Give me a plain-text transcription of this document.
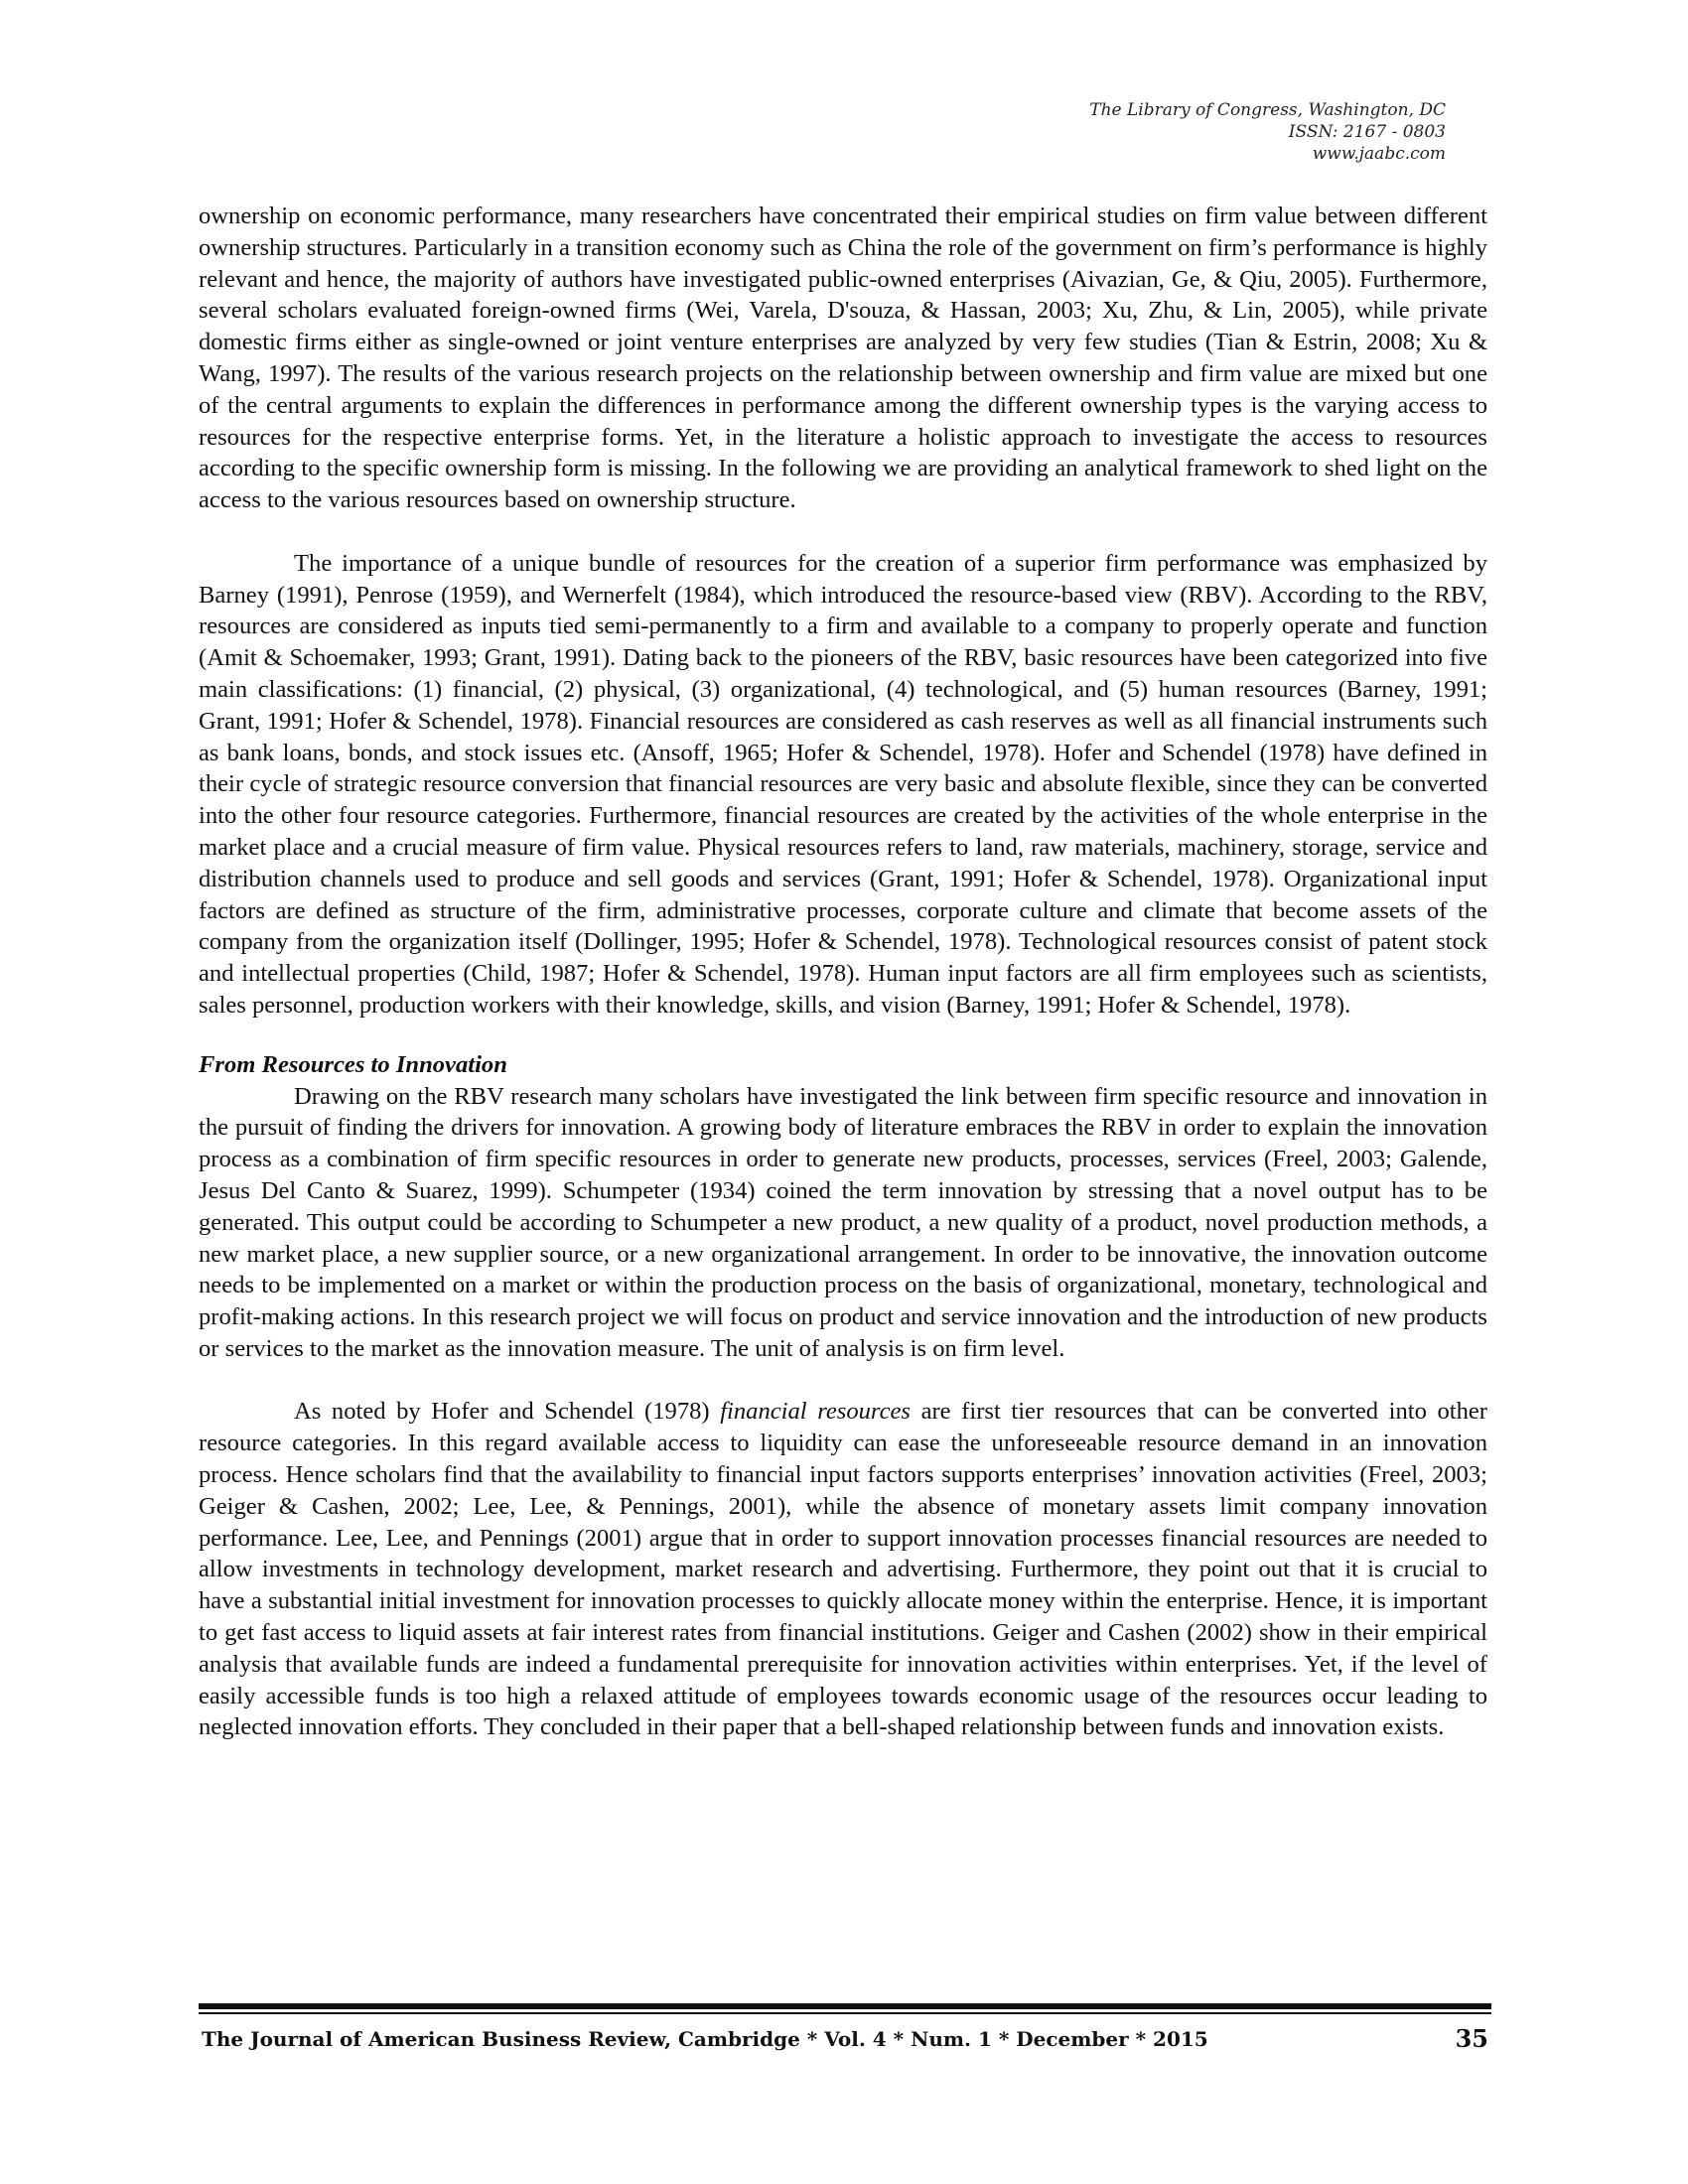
The Library of Congress, Washington, DC
ISSN: 2167 - 0803
www.jaabc.com

ownership on economic performance, many researchers have concentrated their empirical studies on firm value between different ownership structures. Particularly in a transition economy such as China the role of the government on firm’s performance is highly relevant and hence, the majority of authors have investigated public-owned enterprises (Aivazian, Ge, & Qiu, 2005). Furthermore, several scholars evaluated foreign-owned firms (Wei, Varela, D'souza, & Hassan, 2003; Xu, Zhu, & Lin, 2005), while private domestic firms either as single-owned or joint venture enterprises are analyzed by very few studies (Tian & Estrin, 2008; Xu & Wang, 1997). The results of the various research projects on the relationship between ownership and firm value are mixed but one of the central arguments to explain the differences in performance among the different ownership types is the varying access to resources for the respective enterprise forms. Yet, in the literature a holistic approach to investigate the access to resources according to the specific ownership form is missing. In the following we are providing an analytical framework to shed light on the access to the various resources based on ownership structure.

The importance of a unique bundle of resources for the creation of a superior firm performance was emphasized by Barney (1991), Penrose (1959), and Wernerfelt (1984), which introduced the resource-based view (RBV). According to the RBV, resources are considered as inputs tied semi-permanently to a firm and available to a company to properly operate and function (Amit & Schoemaker, 1993; Grant, 1991). Dating back to the pioneers of the RBV, basic resources have been categorized into five main classifications: (1) financial, (2) physical, (3) organizational, (4) technological, and (5) human resources (Barney, 1991; Grant, 1991; Hofer & Schendel, 1978). Financial resources are considered as cash reserves as well as all financial instruments such as bank loans, bonds, and stock issues etc. (Ansoff, 1965; Hofer & Schendel, 1978). Hofer and Schendel (1978) have defined in their cycle of strategic resource conversion that financial resources are very basic and absolute flexible, since they can be converted into the other four resource categories. Furthermore, financial resources are created by the activities of the whole enterprise in the market place and a crucial measure of firm value. Physical resources refers to land, raw materials, machinery, storage, service and distribution channels used to produce and sell goods and services (Grant, 1991; Hofer & Schendel, 1978). Organizational input factors are defined as structure of the firm, administrative processes, corporate culture and climate that become assets of the company from the organization itself (Dollinger, 1995; Hofer & Schendel, 1978). Technological resources consist of patent stock and intellectual properties (Child, 1987; Hofer & Schendel, 1978). Human input factors are all firm employees such as scientists, sales personnel, production workers with their knowledge, skills, and vision (Barney, 1991; Hofer & Schendel, 1978).

From Resources to Innovation

Drawing on the RBV research many scholars have investigated the link between firm specific resource and innovation in the pursuit of finding the drivers for innovation. A growing body of literature embraces the RBV in order to explain the innovation process as a combination of firm specific resources in order to generate new products, processes, services (Freel, 2003; Galende, Jesus Del Canto & Suarez, 1999). Schumpeter (1934) coined the term innovation by stressing that a novel output has to be generated. This output could be according to Schumpeter a new product, a new quality of a product, novel production methods, a new market place, a new supplier source, or a new organizational arrangement. In order to be innovative, the innovation outcome needs to be implemented on a market or within the production process on the basis of organizational, monetary, technological and profit-making actions. In this research project we will focus on product and service innovation and the introduction of new products or services to the market as the innovation measure. The unit of analysis is on firm level.

As noted by Hofer and Schendel (1978) financial resources are first tier resources that can be converted into other resource categories. In this regard available access to liquidity can ease the unforeseeable resource demand in an innovation process. Hence scholars find that the availability to financial input factors supports enterprises’ innovation activities (Freel, 2003; Geiger & Cashen, 2002; Lee, Lee, & Pennings, 2001), while the absence of monetary assets limit company innovation performance. Lee, Lee, and Pennings (2001) argue that in order to support innovation processes financial resources are needed to allow investments in technology development, market research and advertising. Furthermore, they point out that it is crucial to have a substantial initial investment for innovation processes to quickly allocate money within the enterprise. Hence, it is important to get fast access to liquid assets at fair interest rates from financial institutions. Geiger and Cashen (2002) show in their empirical analysis that available funds are indeed a fundamental prerequisite for innovation activities within enterprises. Yet, if the level of easily accessible funds is too high a relaxed attitude of employees towards economic usage of the resources occur leading to neglected innovation efforts. They concluded in their paper that a bell-shaped relationship between funds and innovation exists.

The Journal of American Business Review, Cambridge * Vol. 4 * Num. 1 * December * 2015	35
